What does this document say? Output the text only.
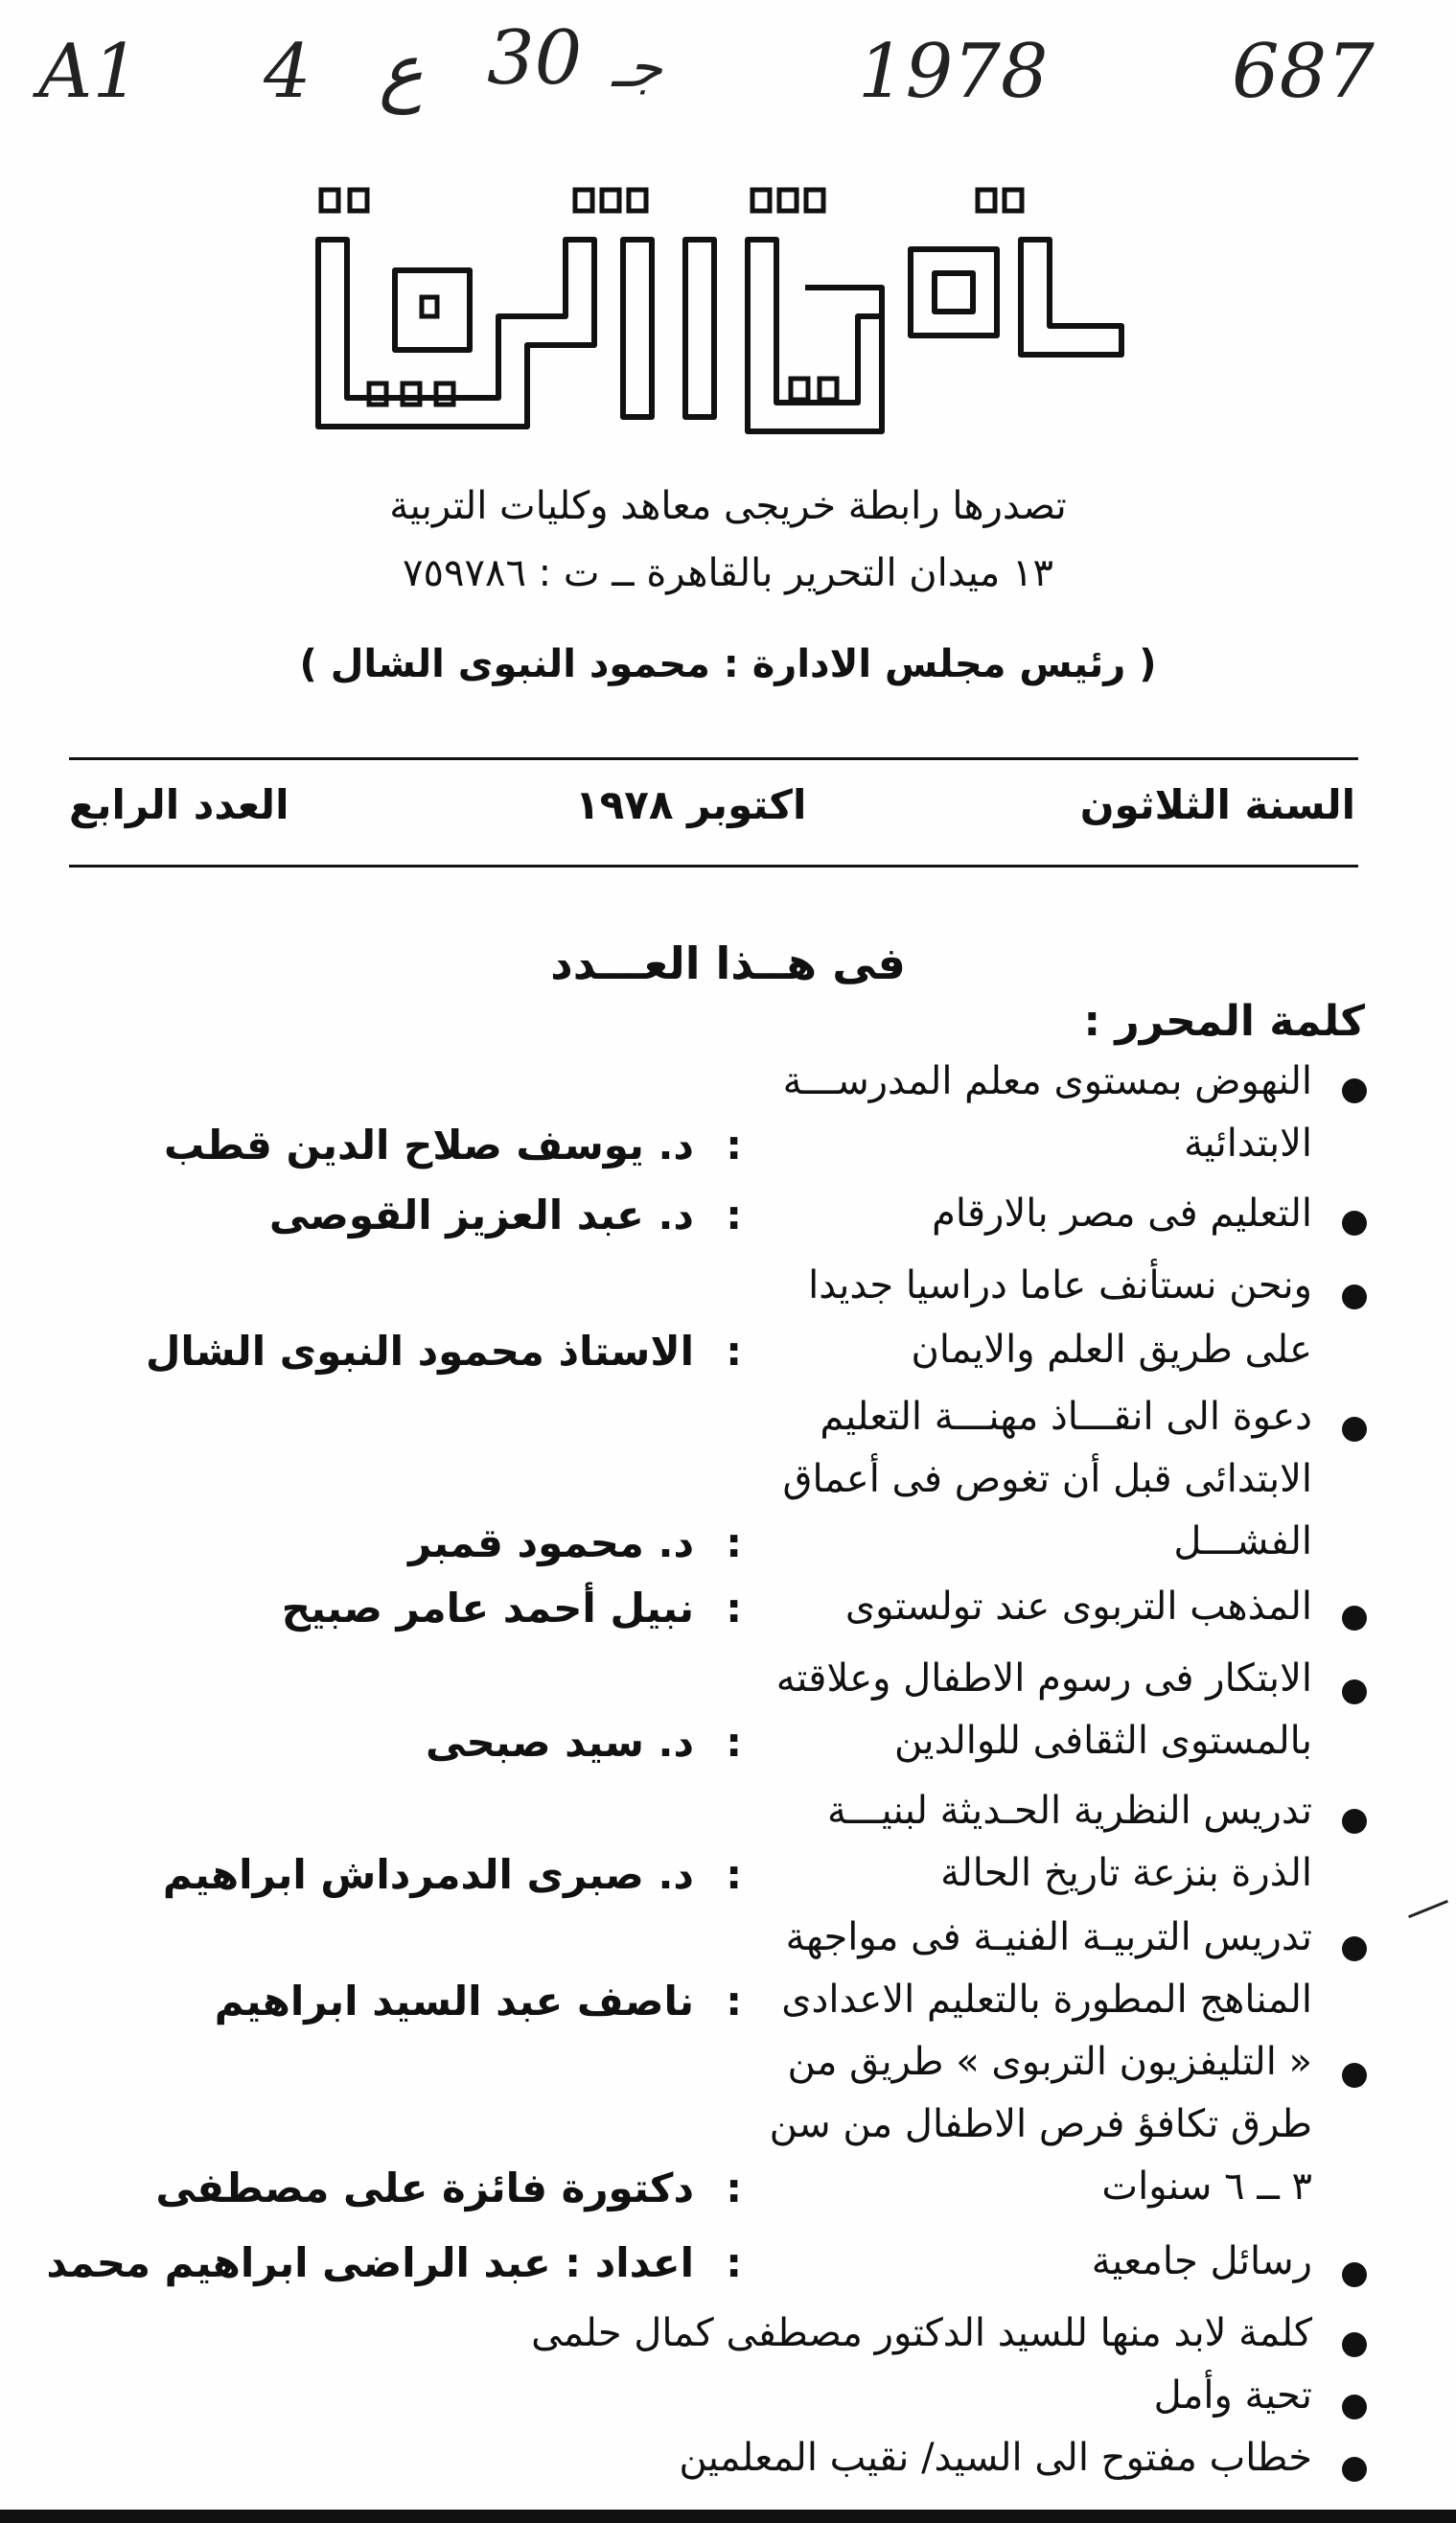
A1 4 ع 30 جـ	1978 687
تصدرها رابطة خريجى معاهد وكليات التربية
١٣ ميدان التحرير بالقاهرة ــ ت : ٧٥٩٧٨٦
( رئيس مجلس الادارة : محمود النبوى الشال )
السنة الثلاثون
اكتوبر ١٩٧٨
العدد الرابع
فى هــذا العـــدد
كلمة المحرر :
النهوض بمستوى معلم المدرســـة
الابتدائية
:
د. يوسف صلاح الدين قطب
التعليم فى مصر بالارقام
:
د. عبد العزيز القوصى
ونحن نستأنف عاما دراسيا جديدا
على طريق العلم والايمان
:
الاستاذ محمود النبوى الشال
دعوة الى انقـــاذ مهنـــة التعليم
الابتدائى قبل أن تغوص فى أعماق
الفشـــل
:
د. محمود قمبر
المذهب التربوى عند تولستوى
:
نبيل أحمد عامر صبيح
الابتكار فى رسوم الاطفال وعلاقته
بالمستوى الثقافى للوالدين
:
د. سيد صبحى
تدريس النظرية الحـديثة لبنيـــة
الذرة بنزعة تاريخ الحالة
:
د. صبرى الدمرداش ابراهيم
تدريس التربيـة الفنيـة فى مواجهة
المناهج المطورة بالتعليم الاعدادى
:
ناصف عبد السيد ابراهيم
« التليفزيون التربوى » طريق من
طرق تكافؤ فرص الاطفال من سن
٣ ــ ٦ سنوات
:
دكتورة فائزة على مصطفى
رسائل جامعية
:
اعداد : عبد الراضى ابراهيم محمد
كلمة لابد منها للسيد الدكتور مصطفى كمال حلمى
تحية وأمل
خطاب مفتوح الى السيد/ نقيب المعلمين
